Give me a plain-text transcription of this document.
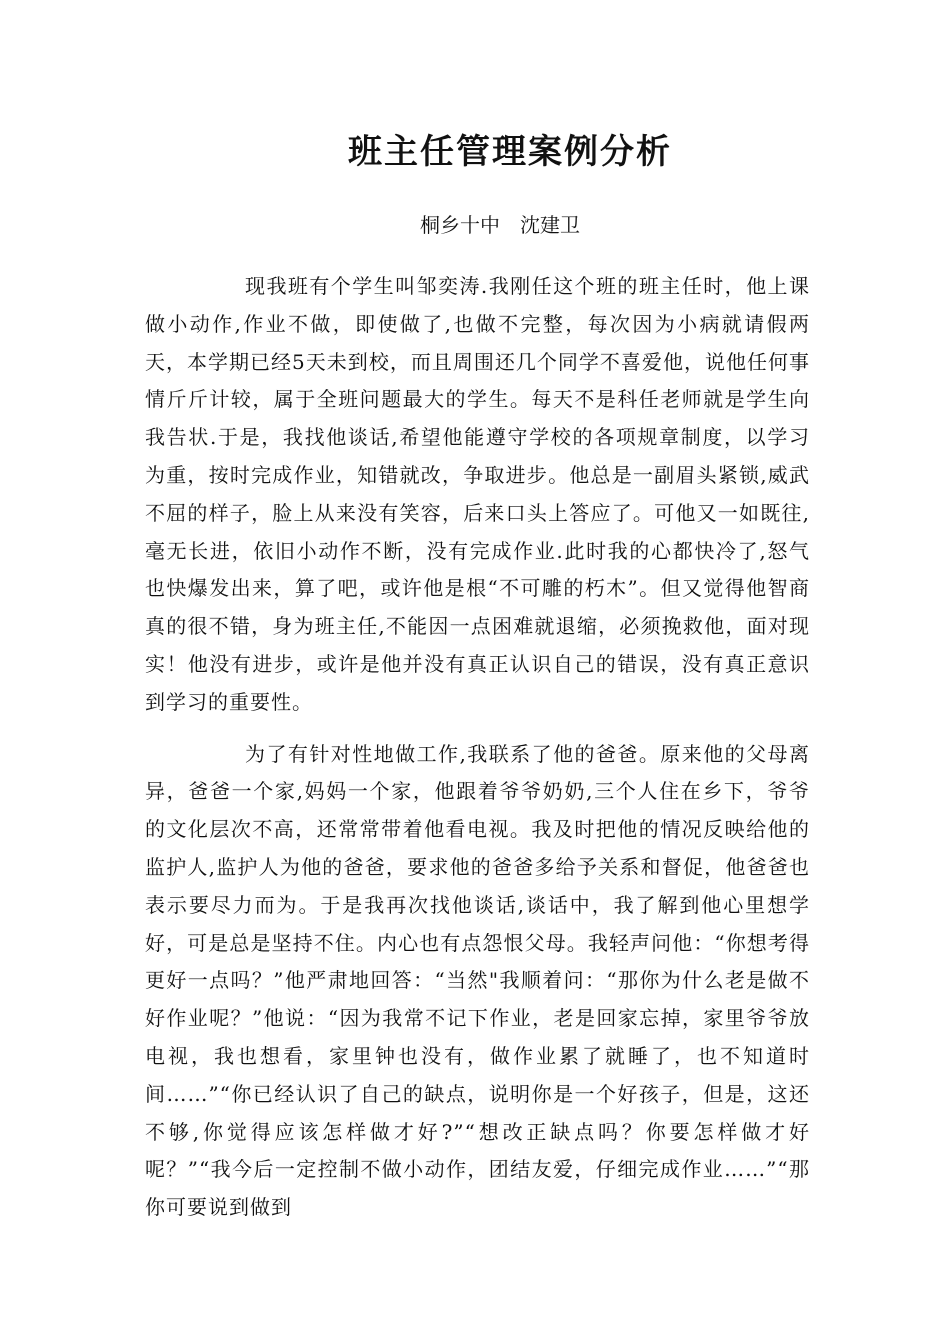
班主任管理案例分析
桐乡十中　沈建卫

现我班有个学生叫邹奕涛.我刚任这个班的班主任时，他上课做小动作,作业不做，即使做了,也做不完整，每次因为小病就请假两天，本学期已经5天未到校，而且周围还几个同学不喜爱他，说他任何事情斤斤计较，属于全班问题最大的学生。每天不是科任老师就是学生向我告状.于是，我找他谈话,希望他能遵守学校的各项规章制度，以学习为重，按时完成作业，知错就改，争取进步。他总是一副眉头紧锁,威武不屈的样子，脸上从来没有笑容，后来口头上答应了。可他又一如既往,毫无长进，依旧小动作不断，没有完成作业.此时我的心都快冷了,怒气也快爆发出来，算了吧，或许他是根“不可雕的朽木”。但又觉得他智商真的很不错，身为班主任,不能因一点困难就退缩，必须挽救他，面对现实！他没有进步，或许是他并没有真正认识自己的错误，没有真正意识到学习的重要性。

为了有针对性地做工作,我联系了他的爸爸。原来他的父母离异，爸爸一个家,妈妈一个家，他跟着爷爷奶奶,三个人住在乡下，爷爷的文化层次不高，还常常带着他看电视。我及时把他的情况反映给他的监护人,监护人为他的爸爸，要求他的爸爸多给予关系和督促，他爸爸也表示要尽力而为。于是我再次找他谈话,谈话中，我了解到他心里想学好，可是总是坚持不住。内心也有点怨恨父母。我轻声问他：“你想考得更好一点吗？”他严肃地回答：“当然"我顺着问：“那你为什么老是做不好作业呢？”他说：“因为我常不记下作业，老是回家忘掉，家里爷爷放电视，我也想看，家里钟也没有，做作业累了就睡了，也不知道时间……”“你已经认识了自己的缺点，说明你是一个好孩子，但是，这还不够,你觉得应该怎样做才好?”“想改正缺点吗？你要怎样做才好呢？”“我今后一定控制不做小动作，团结友爱，仔细完成作业……”“那你可要说到做到
